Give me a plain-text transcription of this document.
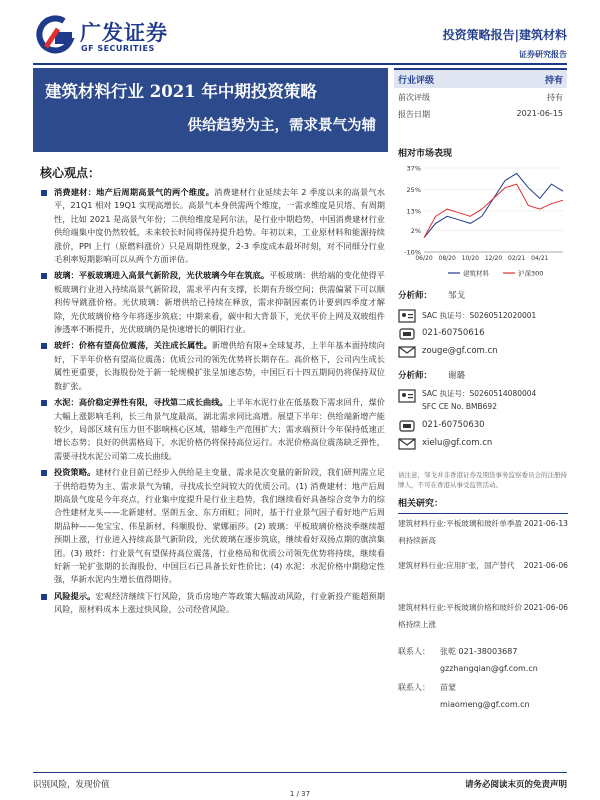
广发证券
GF SECURITIES
投资策略报告|建筑材料
证券研究报告
建筑材料行业 2021 年中期投资策略
供给趋势为主，需求景气为辅
行业评级	持有
前次评级	持有
报告日期	2021-06-15
核心观点：
消费建材：地产后周期高景气的两个维度。消费建材行业延续去年 2 季度以来的高景气水平，21Q1 相对 19Q1 实现高增长。高景气本身供需两个维度，一需求维度是贝塔、有周期性，比如 2021 是高景气年份；二供给维度是阿尔法，是行业中期趋势，中国消费建材行业供给端集中度仍然较低，未来较长时间将保持提升趋势。年初以来，工业原材料和能源持续涨价，PPI 上行（原燃料涨价）只是周期性现象，2-3 季度成本最坏时刻，对不同细分行业毛利率短期影响可以从两个方面评估。
玻璃：平板玻璃进入高景气新阶段，光伏玻璃今年在筑底。平板玻璃：供给端的变化使得平板玻璃行业进入持续高景气新阶段，需求平内有支撑，长期有升级空间；供需偏紧下可以顺利传导跳涨价格。光伏玻璃：新增供给已持续在释放，需求抑制因素仍计要到四季度才解除，光伏玻璃价格今年将逐步筑底；中期来看，碳中和大背景下，光伏平价上网及双玻组件渗透率不断提升，光伏玻璃仍是快速增长的朝阳行业。
玻纤：价格有望高位震荡，关注成长属性。新增供给有限+全球复苏，上半年基本面持续向好，下半年价格有望高位震荡；优质公司的领先优势将长期存在。高价格下，公司内生成长属性更重要，长海股份处于新一轮规模扩张呈加速态势，中国巨石十四五期间仍将保持双位数扩张。
水泥：高价稳定弹性有限，寻找第二成长曲线。上半年水泥行业在低基数下需求回升，煤价大幅上涨影响毛利，长三角景气度最高，湖北需求同比高增。展望下半年：供给端新增产能较少，局部区域有压力但不影响核心区域，错峰生产范围扩大；需求端预计今年保持低速正增长态势；良好的供需格局下，水泥价格仍将保持高位运行。水泥价格高位震荡缺乏弹性，需要寻找水泥公司第二成长曲线。
投资策略。建材行业目前已经步入供给是主变量、需求是次变量的新阶段，我们研判需立足于供给趋势为主、需求景气为辅，寻找成长空间较大的优质公司。(1) 消费建材：地产后周期高景气度是今年亮点，行业集中度提升是行业主趋势，我们继续看好具备综合竞争力的综合性建材龙头——北新建材、坚朗五金、东方雨虹；同时，基于行业景气因子看好地产后周期品种——兔宝宝、伟星新材、科顺股份、蒙娜丽莎。(2) 玻璃：平板玻璃价格淡季继续超预期上涨，行业进入持续高景气新阶段，光伏玻璃在逐步筑底，继续看好双扬点期的旗滨集团。(3) 玻纤：行业景气有望保持高位震荡，行业格局和优质公司领先优势将持续，继续看好新一轮扩张期的长海股份、中国巨石已具备长好性价比；(4) 水泥：水泥价格中期稳定性强，华新水泥内生增长值得期待。
风险提示。宏观经济继续下行风险，货币房地产等政策大幅波动风险，行业新投产能超预期风险，原材料成本上涨过快风险，公司经营风险。
相对市场表现
-10%
2%
13%
25%
37%
06/20 08/20 10/20 12/20 02/21 04/21
建筑材料	沪深300
分析师： 邹戈
SAC 执证号：S0260512020001
021-60750616
zouge@gf.com.cn
分析师： 谢璐
SAC 执证号：S0260514080004
SFC CE No. BMB692
021-60750630
xielu@gf.com.cn
请注意，邹戈并非香港证券及期货事务监察委员会的注册持牌人，不可在香港从事受监管活动。
相关研究：
建筑材料行业:平板玻璃和玻纤单季盈利持续新高
2021-06-13
建筑材料行业:应用扩张，国产替代	2021-06-06
建筑材料行业:平板玻璃价格和玻纤价格持续上涨
2021-06-06
联系人： 张乾 021-38003687
gzzhangqian@gf.com.cn
联系人： 苗蒙
miaomeng@gf.com.cn
识别风险，发现价值	请务必阅读末页的免责声明
1 / 37
